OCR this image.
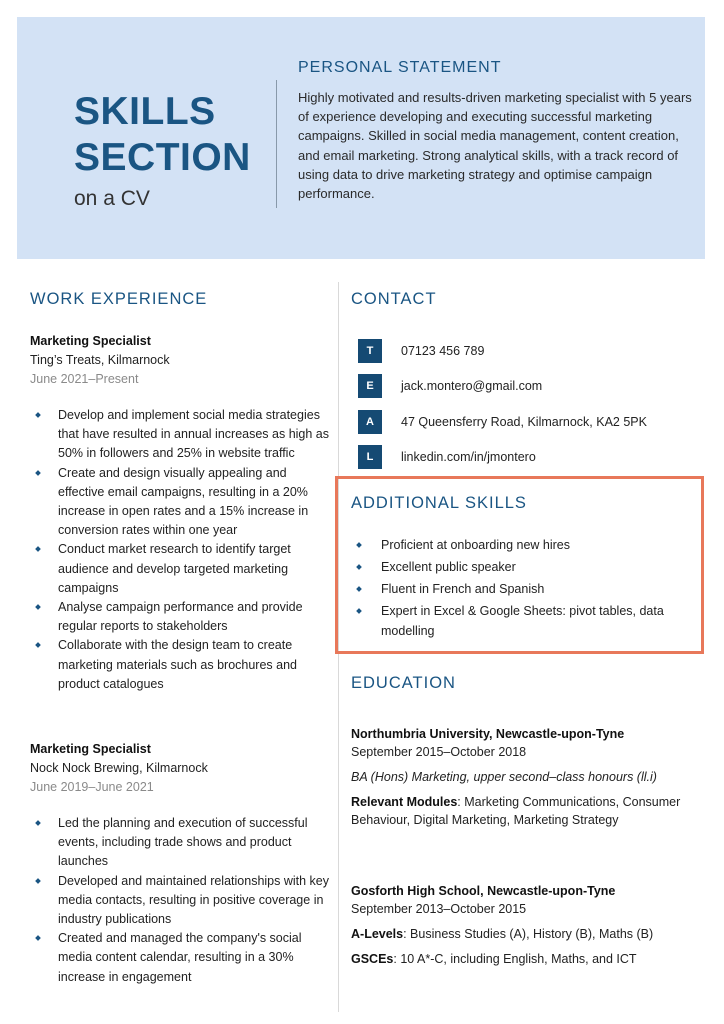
SKILLS
SECTION
on a CV
PERSONAL STATEMENT
Highly motivated and results-driven marketing specialist with 5 years of experience developing and executing successful marketing campaigns. Skilled in social media management, content creation, and email marketing. Strong analytical skills, with a track record of using data to drive marketing strategy and optimise campaign performance.
WORK EXPERIENCE
Marketing Specialist
Ting’s Treats, Kilmarnock
June 2021–Present
Develop and implement social media strategies that have resulted in annual increases as high as 50% in followers and 25% in website traffic
Create and design visually appealing and effective email campaigns, resulting in a 20% increase in open rates and a 15% increase in conversion rates within one year
Conduct market research to identify target audience and develop targeted marketing campaigns
Analyse campaign performance and provide regular reports to stakeholders
Collaborate with the design team to create marketing materials such as brochures and product catalogues
Marketing Specialist
Nock Nock Brewing, Kilmarnock
June 2019–June 2021
Led the planning and execution of successful events, including trade shows and product launches
Developed and maintained relationships with key media contacts, resulting in positive coverage in industry publications
Created and managed the company's social media content calendar, resulting in a 30% increase in engagement
CONTACT
T	07123 456 789
E	jack.montero@gmail.com
A	47 Queensferry Road, Kilmarnock, KA2 5PK
L	linkedin.com/in/jmontero
ADDITIONAL SKILLS
Proficient at onboarding new hires
Excellent public speaker
Fluent in French and Spanish
Expert in Excel & Google Sheets: pivot tables, data modelling
EDUCATION
Northumbria University, Newcastle-upon-Tyne
September 2015–October 2018
BA (Hons) Marketing, upper second–class honours (ll.i)
Relevant Modules: Marketing Communications, Consumer Behaviour, Digital Marketing, Marketing Strategy
Gosforth High School, Newcastle-upon-Tyne
September 2013–October 2015
A-Levels: Business Studies (A), History (B), Maths (B)
GSCEs: 10 A*-C, including English, Maths, and ICT
